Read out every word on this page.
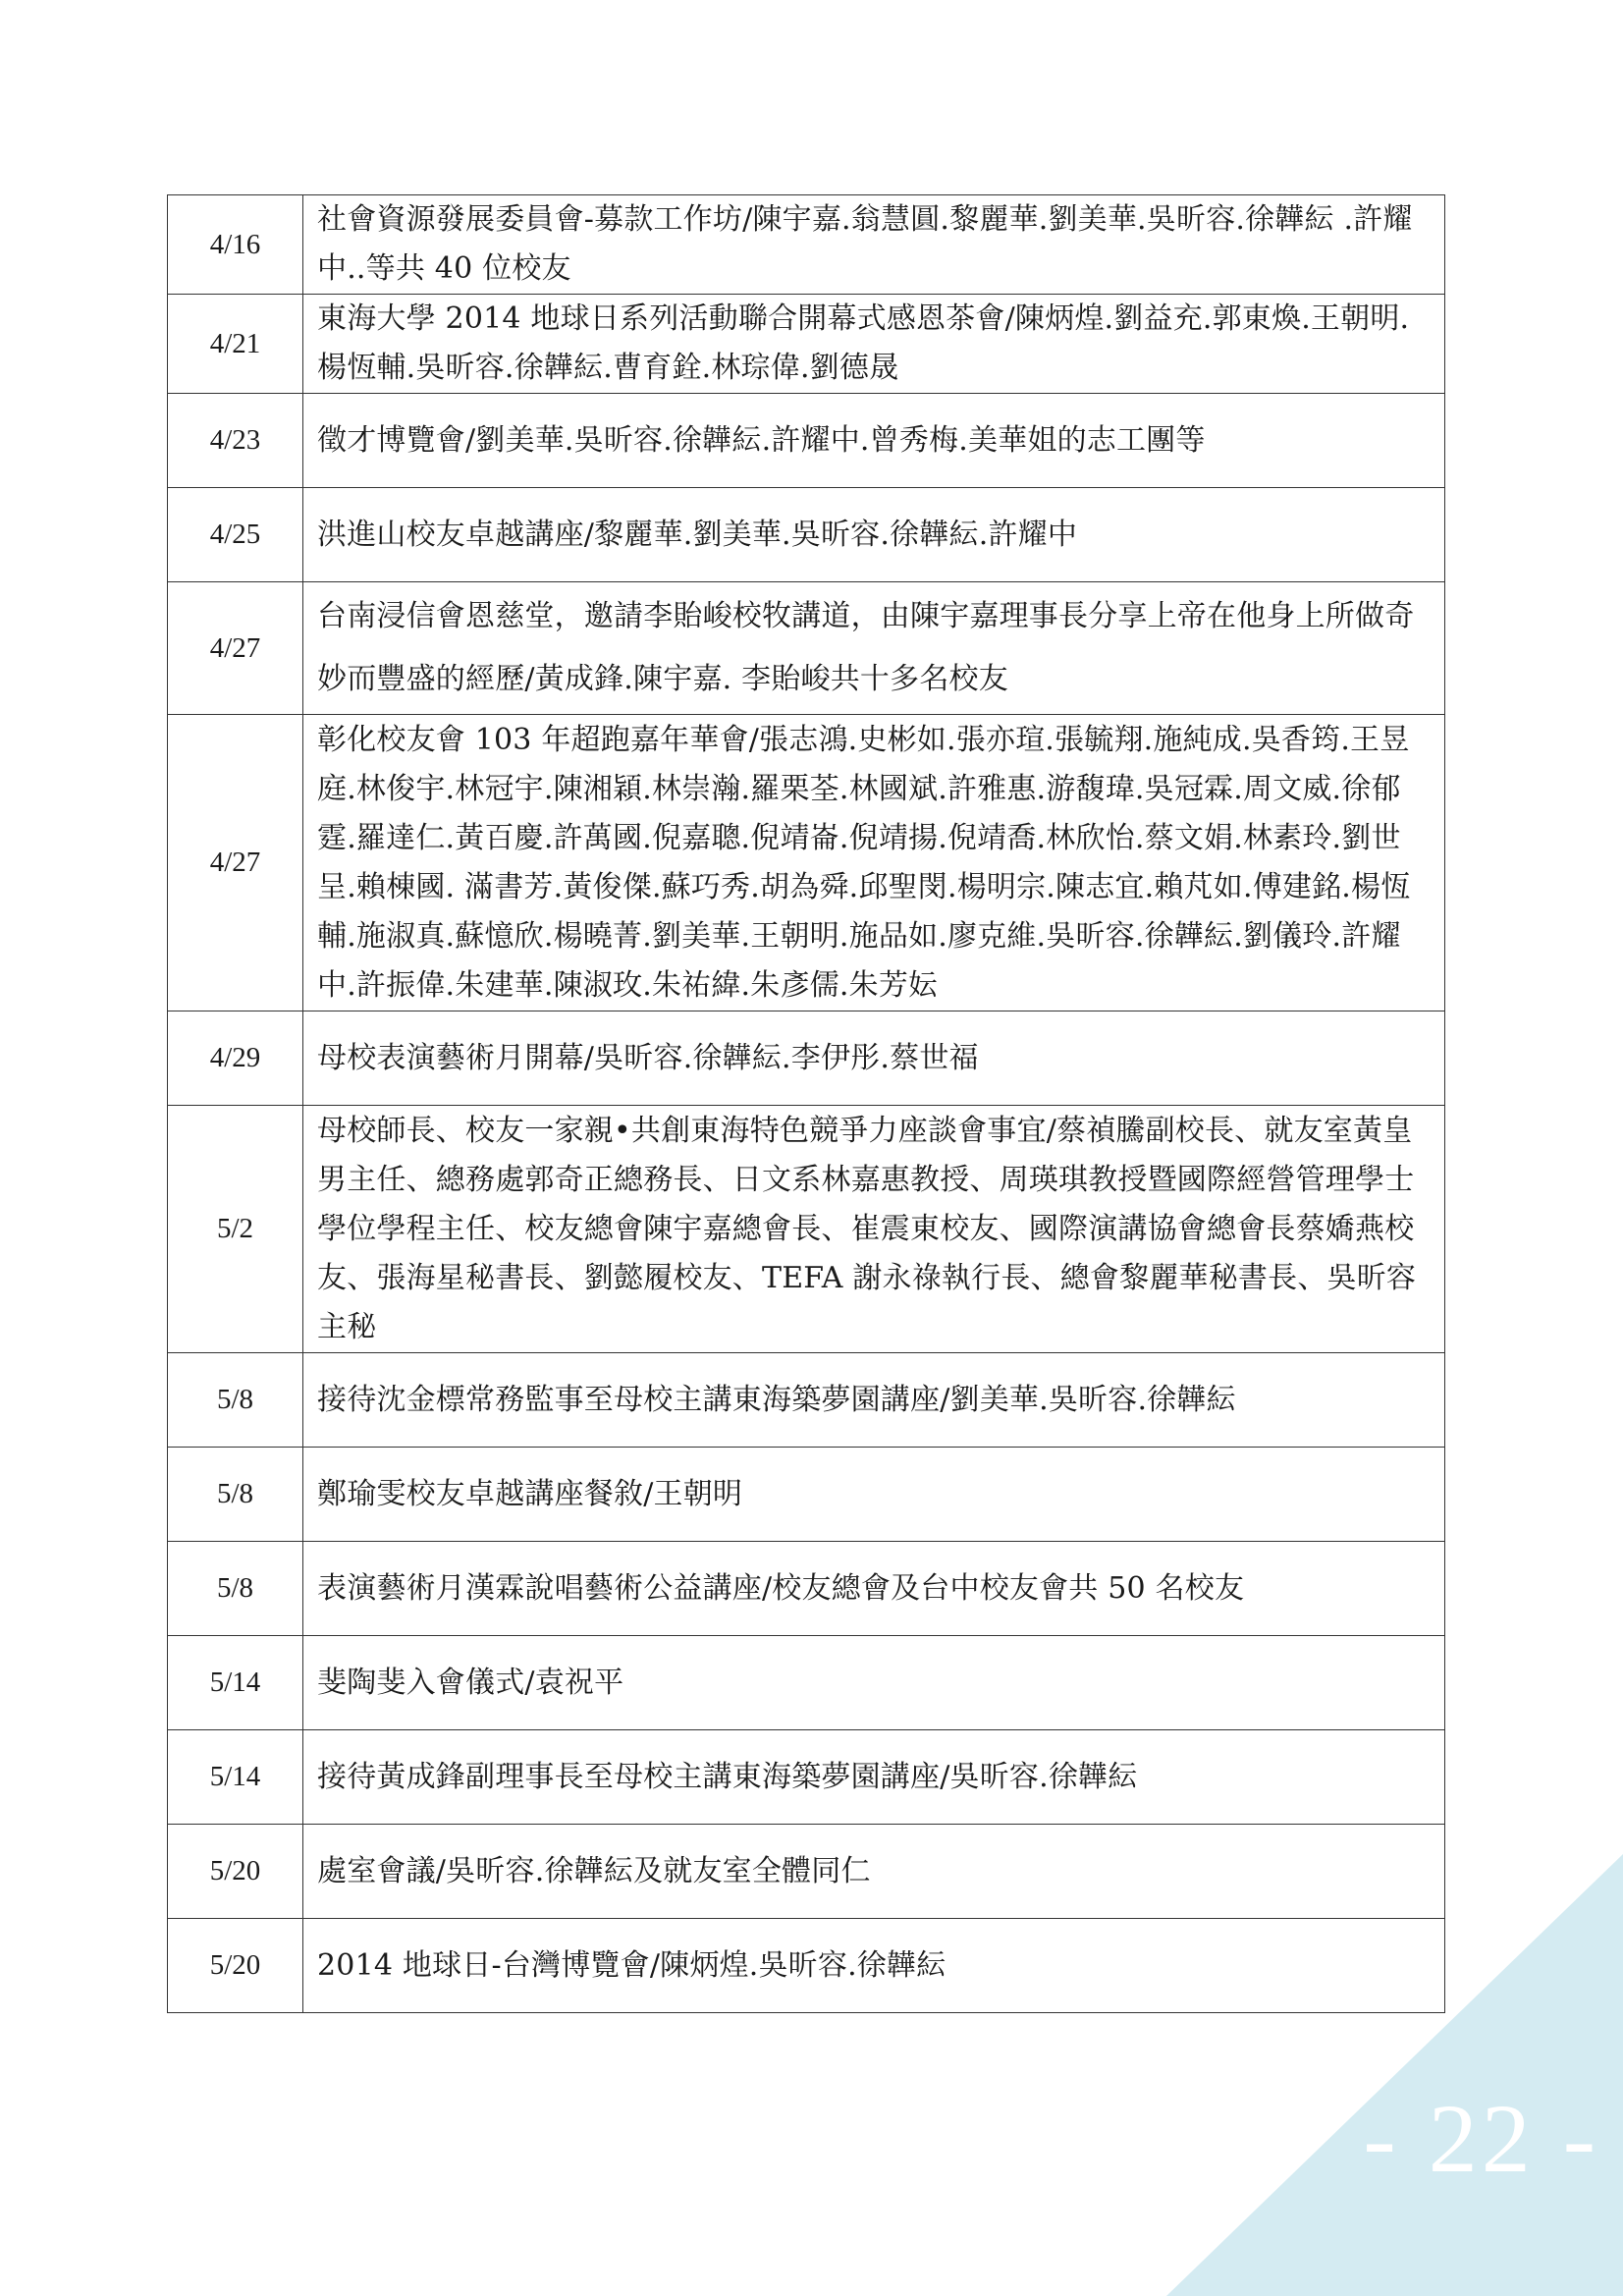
4/16	社會資源發展委員會-募款工作坊/陳宇嘉.翁慧圓.黎麗華.劉美華.吳昕容.徐韡紜 .許耀中..等共 40 位校友
4/21	東海大學 2014 地球日系列活動聯合開幕式感恩茶會/陳炳煌.劉益充.郭東煥.王朝明.楊恆輔.吳昕容.徐韡紜.曹育銓.林琮偉.劉德晟
4/23	徵才博覽會/劉美華.吳昕容.徐韡紜.許耀中.曾秀梅.美華姐的志工團等
4/25	洪進山校友卓越講座/黎麗華.劉美華.吳昕容.徐韡紜.許耀中
4/27	台南浸信會恩慈堂，邀請李貽峻校牧講道，由陳宇嘉理事長分享上帝在他身上所做奇妙而豐盛的經歷/黃成鋒.陳宇嘉. 李貽峻共十多名校友
4/27	彰化校友會 103 年超跑嘉年華會/張志鴻.史彬如.張亦瑄.張毓翔.施純成.吳香筠.王昱庭.林俊宇.林冠宇.陳湘穎.林崇瀚.羅栗荃.林國斌.許雅惠.游馥瑋.吳冠霖.周文威.徐郁霆.羅達仁.黃百慶.許萬國.倪嘉聰.倪靖崙.倪靖揚.倪靖喬.林欣怡.蔡文娟.林素玲.劉世呈.賴棟國. 滿書芳.黃俊傑.蘇巧秀.胡為舜.邱聖閔.楊明宗.陳志宜.賴芃如.傅建銘.楊恆輔.施淑真.蘇憶欣.楊曉菁.劉美華.王朝明.施品如.廖克維.吳昕容.徐韡紜.劉儀玲.許耀中.許振偉.朱建華.陳淑玫.朱祐緯.朱彥儒.朱芳妘
4/29	母校表演藝術月開幕/吳昕容.徐韡紜.李伊彤.蔡世福
5/2	母校師長、校友一家親•共創東海特色競爭力座談會事宜/蔡禎騰副校長、就友室黃皇男主任、總務處郭奇正總務長、日文系林嘉惠教授、周瑛琪教授暨國際經營管理學士學位學程主任、校友總會陳宇嘉總會長、崔震東校友、國際演講協會總會長蔡嬌燕校友、張海星秘書長、劉懿履校友、TEFA 謝永祿執行長、總會黎麗華秘書長、吳昕容主秘
5/8	接待沈金標常務監事至母校主講東海築夢園講座/劉美華.吳昕容.徐韡紜
5/8	鄭瑜雯校友卓越講座餐敘/王朝明
5/8	表演藝術月漢霖說唱藝術公益講座/校友總會及台中校友會共 50 名校友
5/14	斐陶斐入會儀式/袁祝平
5/14	接待黃成鋒副理事長至母校主講東海築夢園講座/吳昕容.徐韡紜
5/20	處室會議/吳昕容.徐韡紜及就友室全體同仁
5/20	2014 地球日-台灣博覽會/陳炳煌.吳昕容.徐韡紜
- 22 -
